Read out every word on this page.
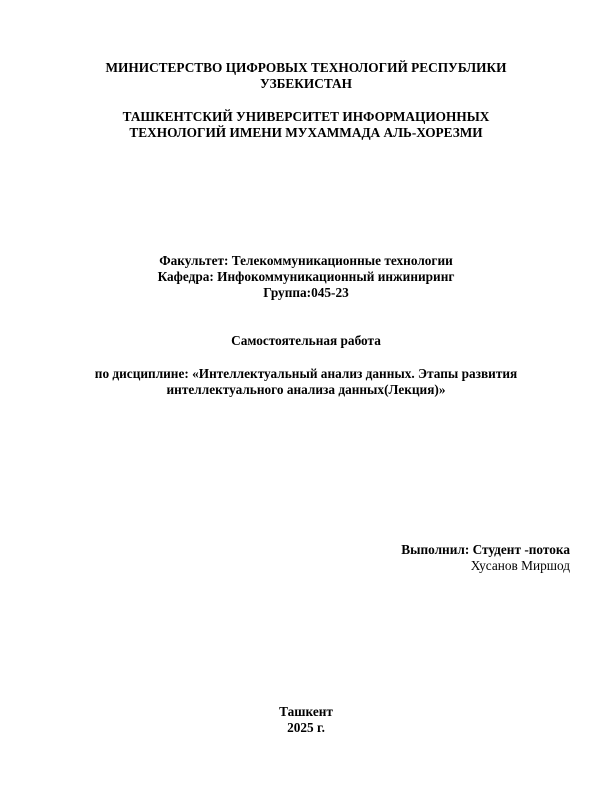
МИНИСТЕРСТВО ЦИФРОВЫХ ТЕХНОЛОГИЙ РЕСПУБЛИКИ
УЗБЕКИСТАН
ТАШКЕНТСКИЙ УНИВЕРСИТЕТ ИНФОРМАЦИОННЫХ
ТЕХНОЛОГИЙ ИМЕНИ МУХАММАДА АЛЬ-ХОРЕЗМИ
Факультет: Телекоммуникационные технологии
Кафедра: Инфокоммуникационный инжиниринг
Группа:045-23
Самостоятельная работа
по дисциплине: «Интеллектуальный анализ данных. Этапы развития
интеллектуального анализа данных(Лекция)»
Выполнил: Студент -потока
Хусанов Миршод
Ташкент
2025 г.
